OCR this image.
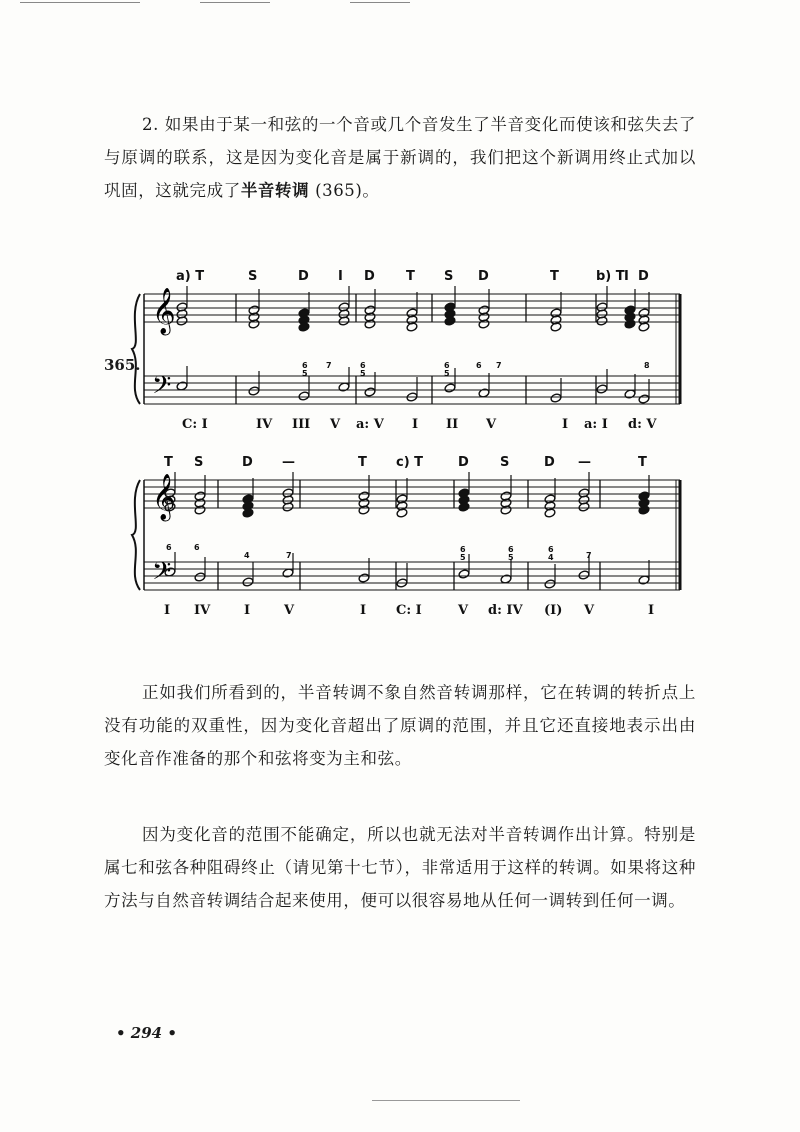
2. 如果由于某一和弦的一个音或几个音发生了半音变化而使该和弦失去了与原调的联系，这是因为变化音是属于新调的，我们把这个新调用终止式加以巩固，这就完成了半音转调 (365)。

365.
𝄞
𝄢
a) T	S	D I D T S D	T	b) T I D
C: I	IV III V a: V I II V	I a: I d: V
6
5
7	6
5
6
5
6 7	8
𝄞
𝄢
T S	D —	T c) T	D S	D —	T
I IV	I	V	I C: I	V d: IV (I) V	I
6	6
4	7
6
5
6
5
6
4	7

正如我们所看到的，半音转调不象自然音转调那样，它在转调的转折点上没有功能的双重性，因为变化音超出了原调的范围，并且它还直接地表示出由变化音作准备的那个和弦将变为主和弦。

因为变化音的范围不能确定，所以也就无法对半音转调作出计算。特别是属七和弦各种阻碍终止（请见第十七节），非常适用于这样的转调。如果将这种方法与自然音转调结合起来使用，便可以很容易地从任何一调转到任何一调。

• 294 •
